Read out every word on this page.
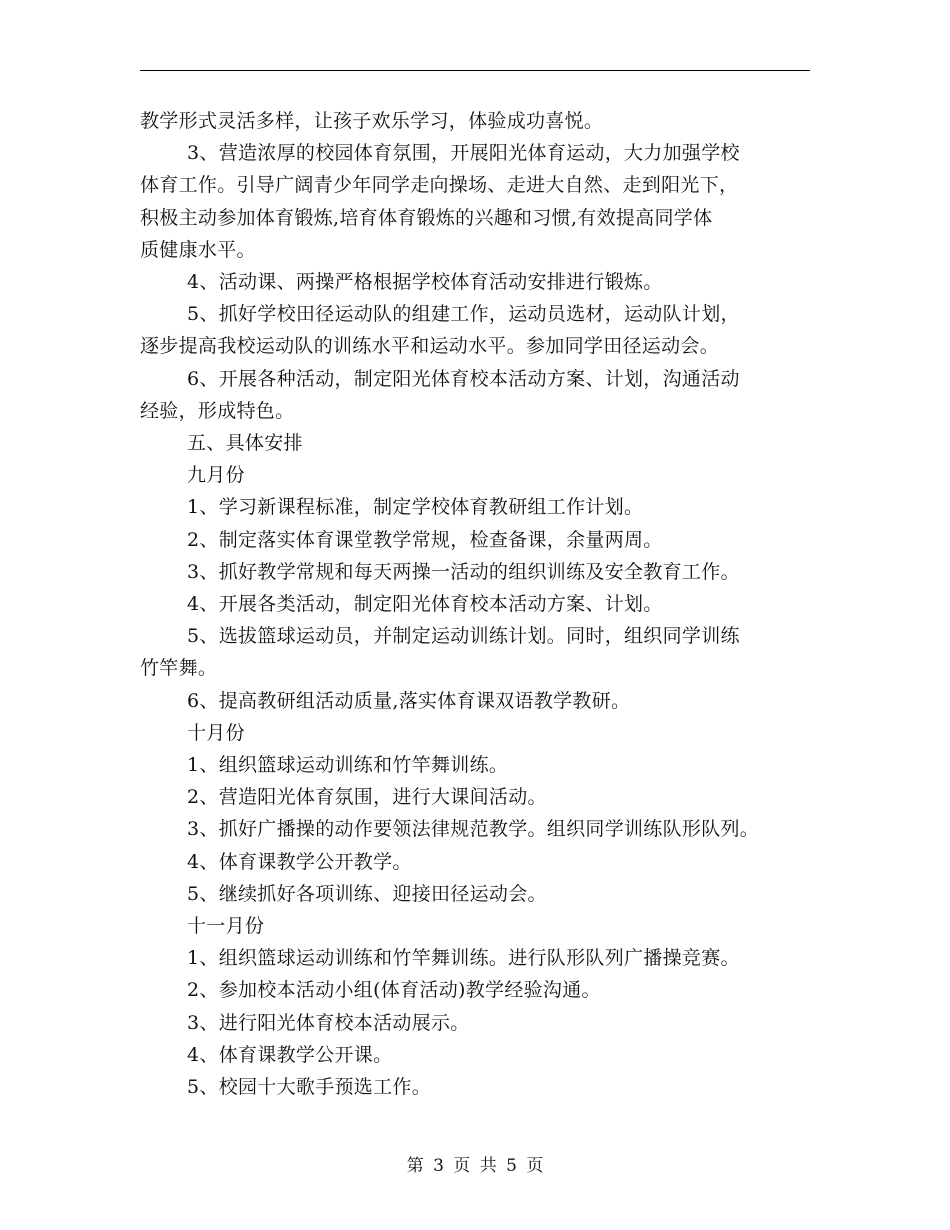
教学形式灵活多样，让孩子欢乐学习，体验成功喜悦。

3、营造浓厚的校园体育氛围，开展阳光体育运动，大力加强学校

体育工作。引导广阔青少年同学走向操场、走进大自然、走到阳光下，

积极主动参加体育锻炼,培育体育锻炼的兴趣和习惯,有效提高同学体

质健康水平。

4、活动课、两操严格根据学校体育活动安排进行锻炼。

5、抓好学校田径运动队的组建工作，运动员选材，运动队计划，

逐步提高我校运动队的训练水平和运动水平。参加同学田径运动会。

6、开展各种活动，制定阳光体育校本活动方案、计划，沟通活动

经验，形成特色。

五、具体安排

九月份

1、学习新课程标准，制定学校体育教研组工作计划。

2、制定落实体育课堂教学常规，检查备课，余量两周。

3、抓好教学常规和每天两操一活动的组织训练及安全教育工作。

4、开展各类活动，制定阳光体育校本活动方案、计划。

5、选拔篮球运动员，并制定运动训练计划。同时，组织同学训练

竹竿舞。

6、提高教研组活动质量,落实体育课双语教学教研。

十月份

1、组织篮球运动训练和竹竿舞训练。

2、营造阳光体育氛围，进行大课间活动。

3、抓好广播操的动作要领法律规范教学。组织同学训练队形队列。

4、体育课教学公开教学。

5、继续抓好各项训练、迎接田径运动会。

十一月份

1、组织篮球运动训练和竹竿舞训练。进行队形队列广播操竞赛。

2、参加校本活动小组(体育活动)教学经验沟通。

3、进行阳光体育校本活动展示。

4、体育课教学公开课。

5、校园十大歌手预选工作。

第 3 页 共 5 页
